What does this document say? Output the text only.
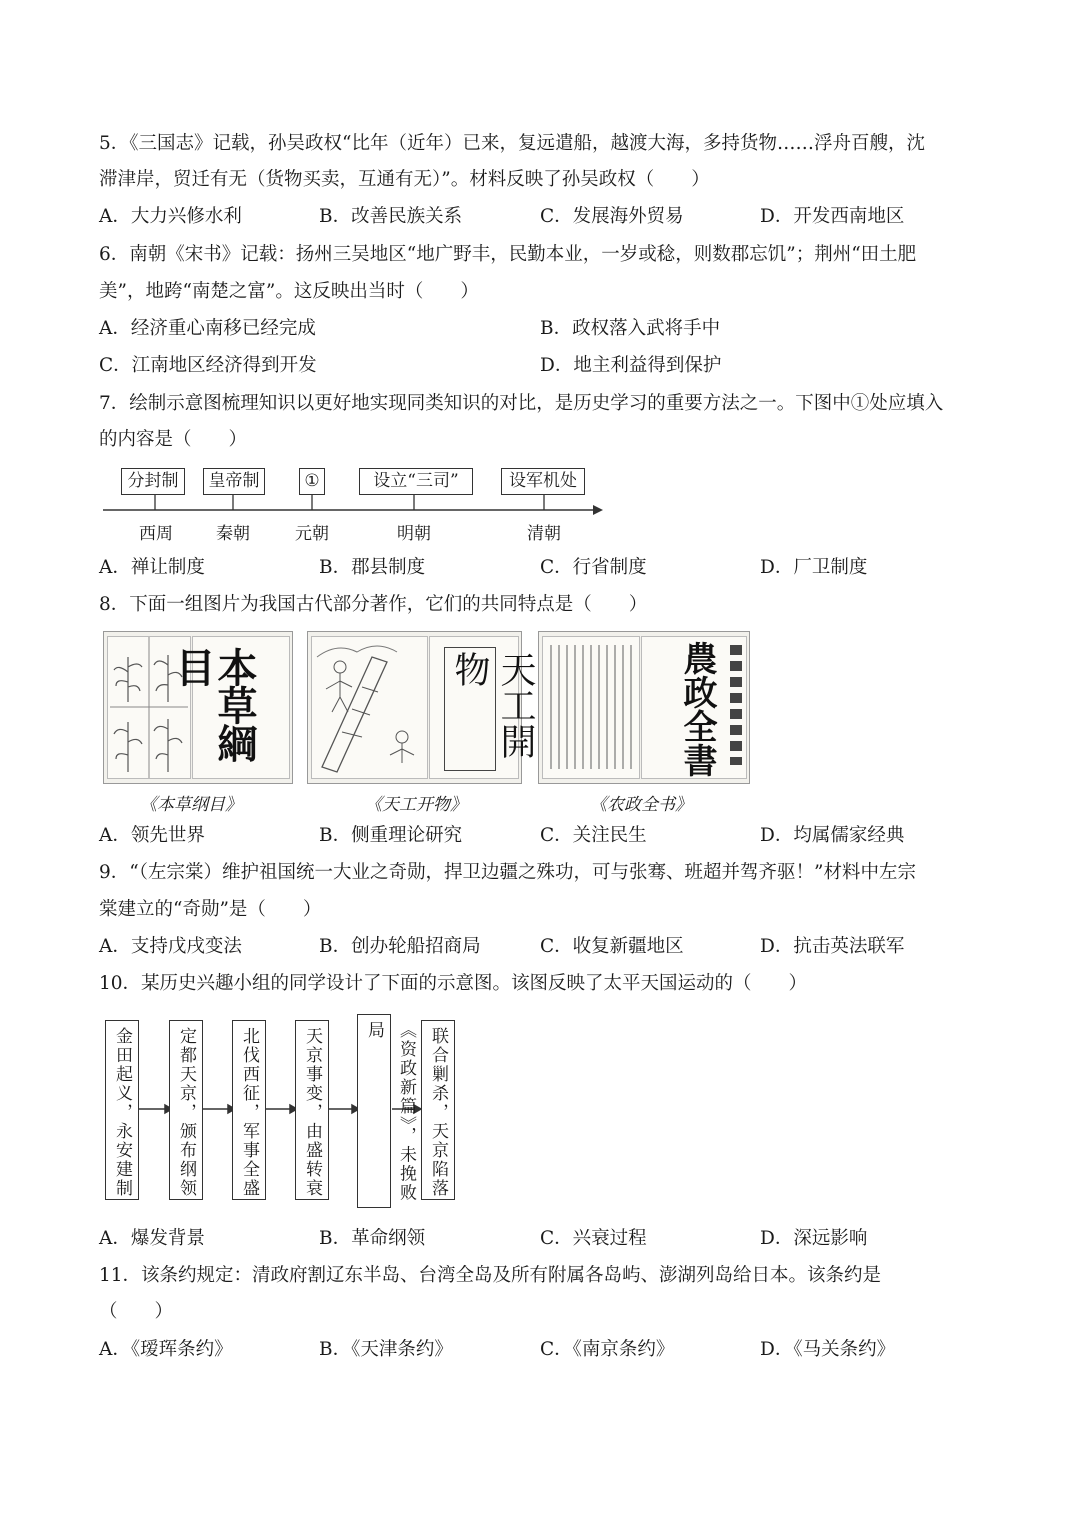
5．《三国志》记载，孙吴政权“比年（近年）已来，复远遣船，越渡大海，多持货物……浮舟百艘，沈
滞津岸，贸迁有无（货物买卖，互通有无）”。材料反映了孙吴政权（　　）
A．大力兴修水利	B．改善民族关系	C．发展海外贸易	D．开发西南地区
6．南朝《宋书》记载：扬州三吴地区“地广野丰，民勤本业，一岁或稔，则数郡忘饥”；荆州“田土肥
美”，地跨“南楚之富”。这反映出当时（　　）
A．经济重心南移已经完成	B．政权落入武将手中
C．江南地区经济得到开发	D．地主利益得到保护
7．绘制示意图梳理知识以更好地实现同类知识的对比，是历史学习的重要方法之一。下图中①处应填入
的内容是（　　）
分封制	皇帝制	①	设立“三司”	设军机处
西周	秦朝	元朝	明朝	清朝
A．禅让制度	B．郡县制度	C．行省制度	D．厂卫制度
8．下面一组图片为我国古代部分著作，它们的共同特点是（　　）
本草綱目
《本草纲目》
天工開物
《天工开物》
農政全書
《农政全书》
A．领先世界	B．侧重理论研究	C．关注民生	D．均属儒家经典
9．“（左宗棠）维护祖国统一大业之奇勋，捍卫边疆之殊功，可与张骞、班超并驾齐驱！”材料中左宗
棠建立的“奇勋”是（　　）
A．支持戊戌变法	B．创办轮船招商局	C．收复新疆地区	D．抗击英法联军
10．某历史兴趣小组的同学设计了下面的示意图。该图反映了太平天国运动的（　　）
金田起义，永安建制	定都天京，颁布纲领	北伐西征，军事全盛	天京事变，由盛转衰	《资政新篇》，未挽败局	联合剿杀，天京陷落
A．爆发背景	B．革命纲领	C．兴衰过程	D．深远影响
11．该条约规定：清政府割辽东半岛、台湾全岛及所有附属各岛屿、澎湖列岛给日本。该条约是
（　　）
A．《瑷珲条约》	B．《天津条约》	C．《南京条约》	D．《马关条约》
